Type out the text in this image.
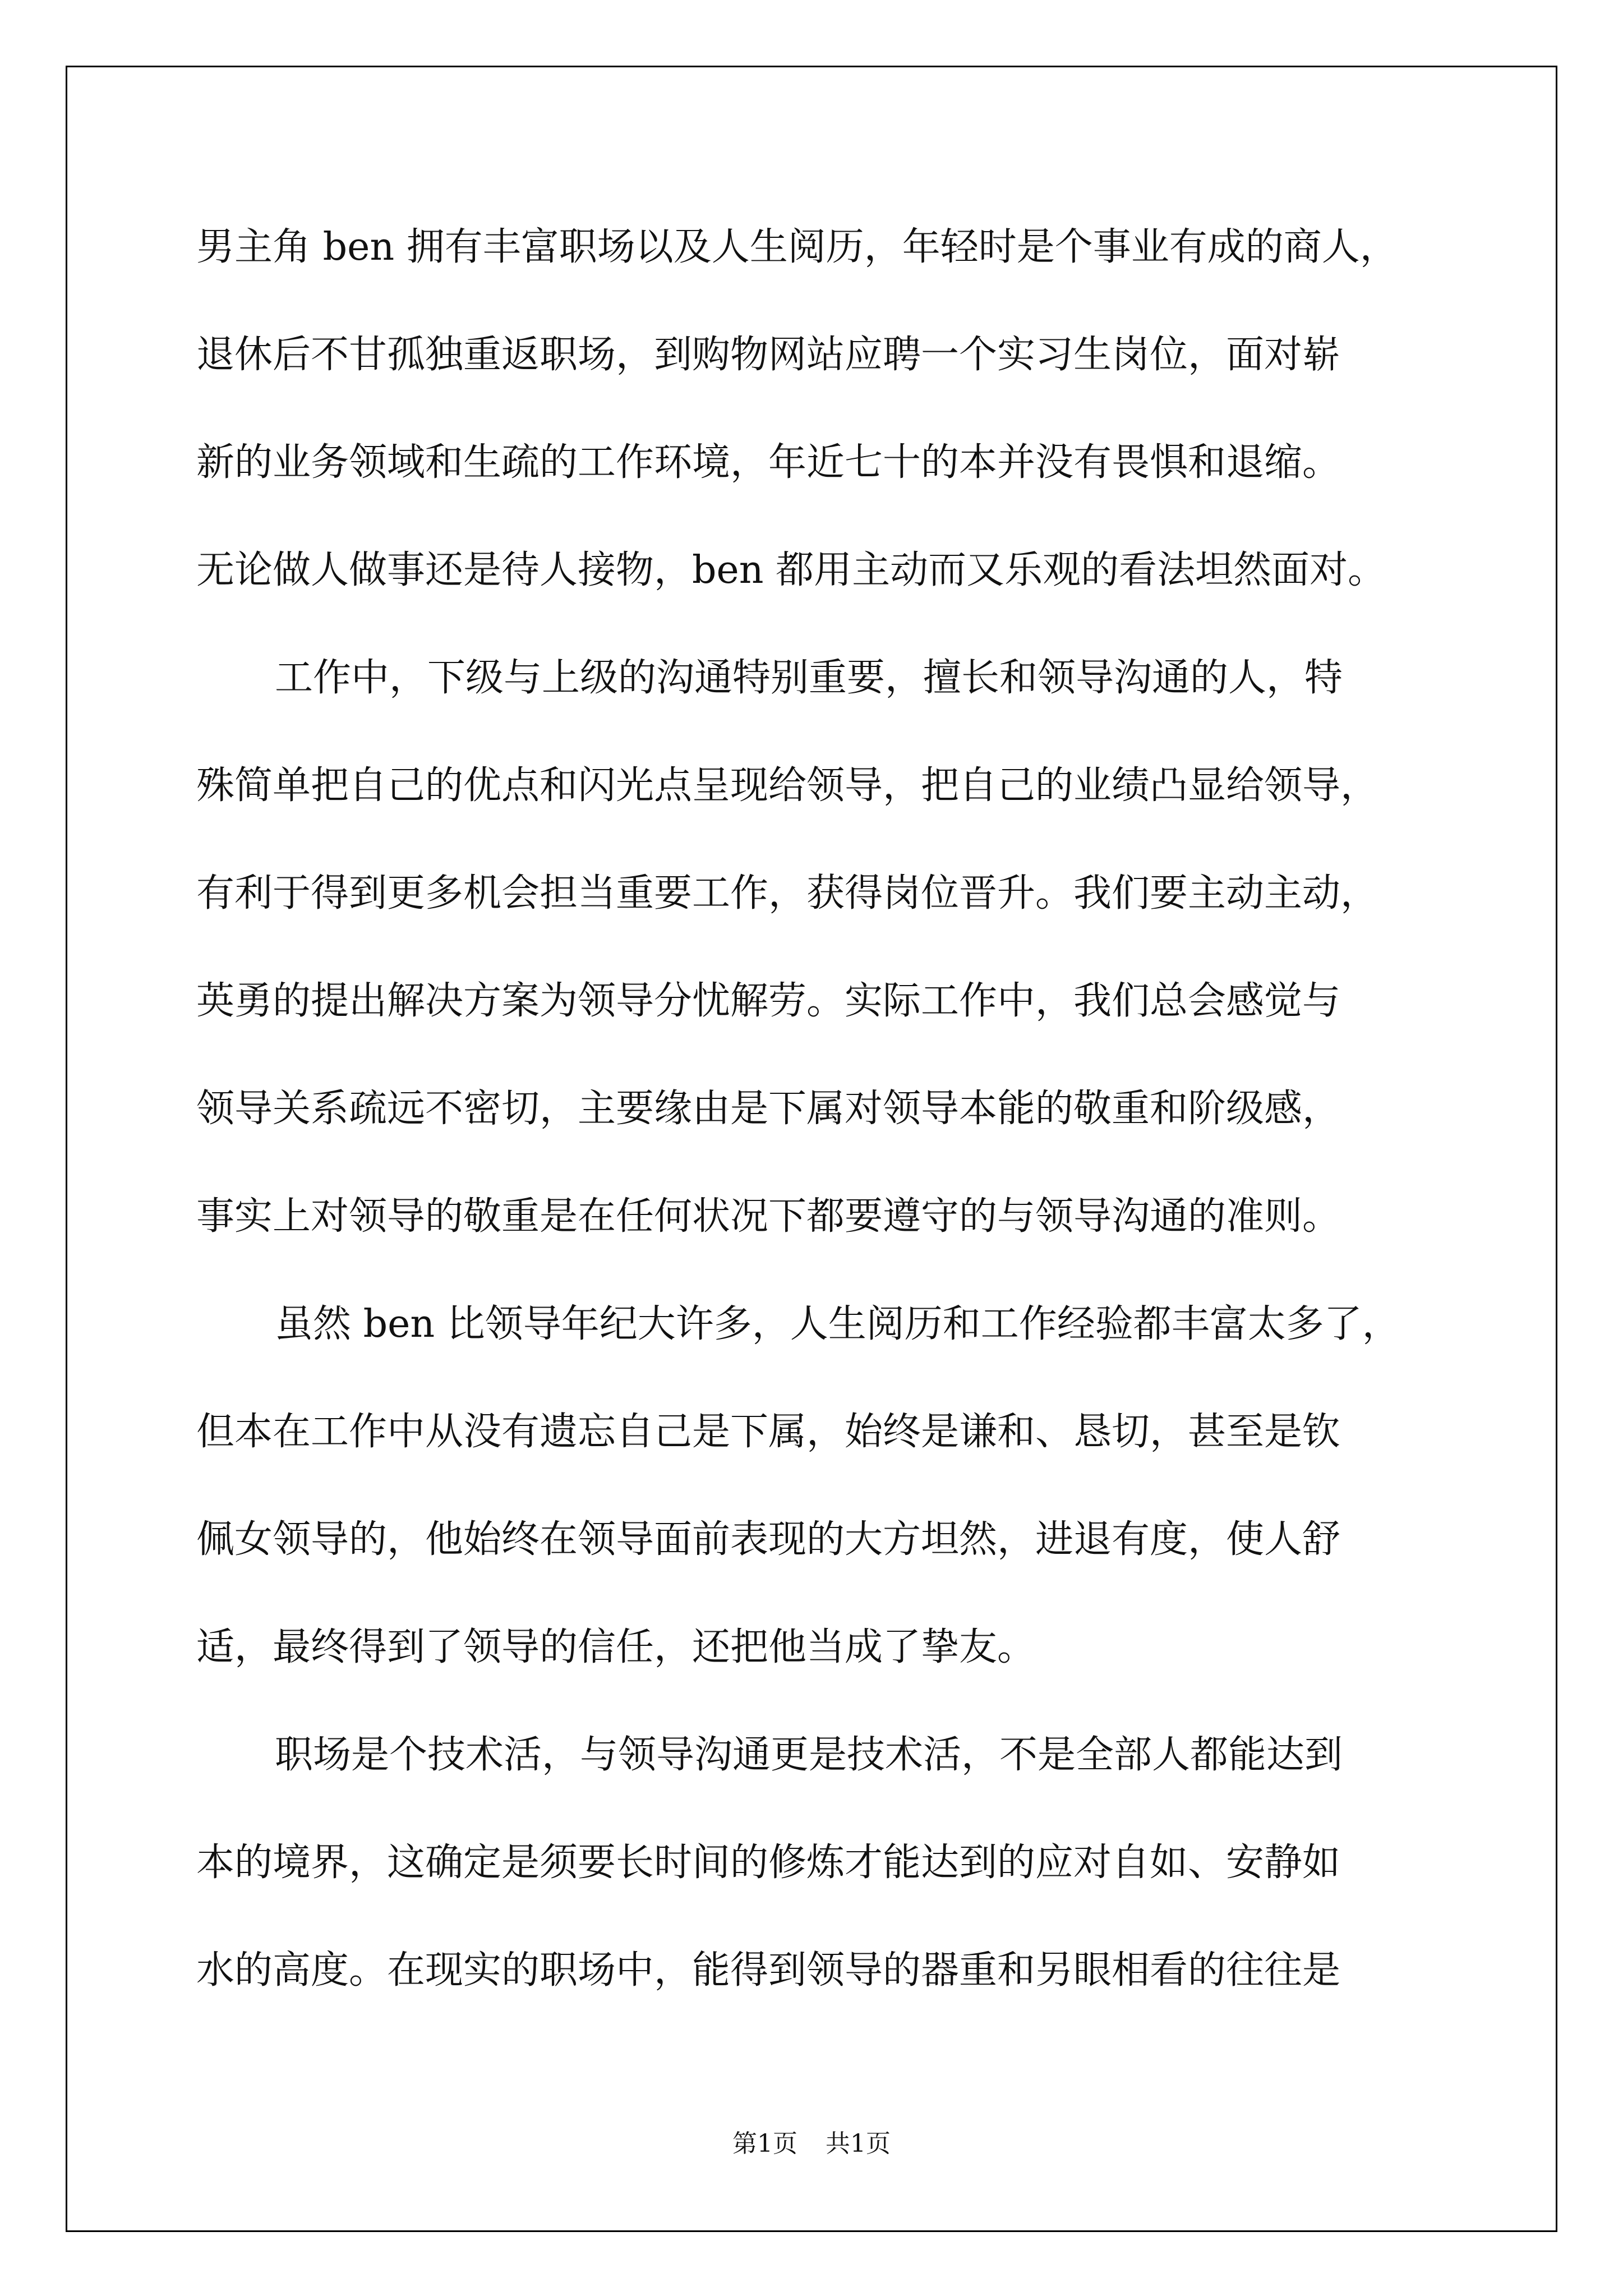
男主角 ben 拥有丰富职场以及人生阅历，年轻时是个事业有成的商人，
退休后不甘孤独重返职场，到购物网站应聘一个实习生岗位，面对崭
新的业务领域和生疏的工作环境，年近七十的本并没有畏惧和退缩。
无论做人做事还是待人接物，ben 都用主动而又乐观的看法坦然面对。
工作中，下级与上级的沟通特别重要，擅长和领导沟通的人，特
殊简单把自己的优点和闪光点呈现给领导，把自己的业绩凸显给领导，
有利于得到更多机会担当重要工作，获得岗位晋升。我们要主动主动，
英勇的提出解决方案为领导分忧解劳。实际工作中，我们总会感觉与
领导关系疏远不密切，主要缘由是下属对领导本能的敬重和阶级感，
事实上对领导的敬重是在任何状况下都要遵守的与领导沟通的准则。
虽然 ben 比领导年纪大许多，人生阅历和工作经验都丰富太多了，
但本在工作中从没有遗忘自己是下属，始终是谦和、恳切，甚至是钦
佩女领导的，他始终在领导面前表现的大方坦然，进退有度，使人舒
适，最终得到了领导的信任，还把他当成了挚友。
职场是个技术活，与领导沟通更是技术活，不是全部人都能达到
本的境界，这确定是须要长时间的修炼才能达到的应对自如、安静如
水的高度。在现实的职场中，能得到领导的器重和另眼相看的往往是
第1页 共1页
